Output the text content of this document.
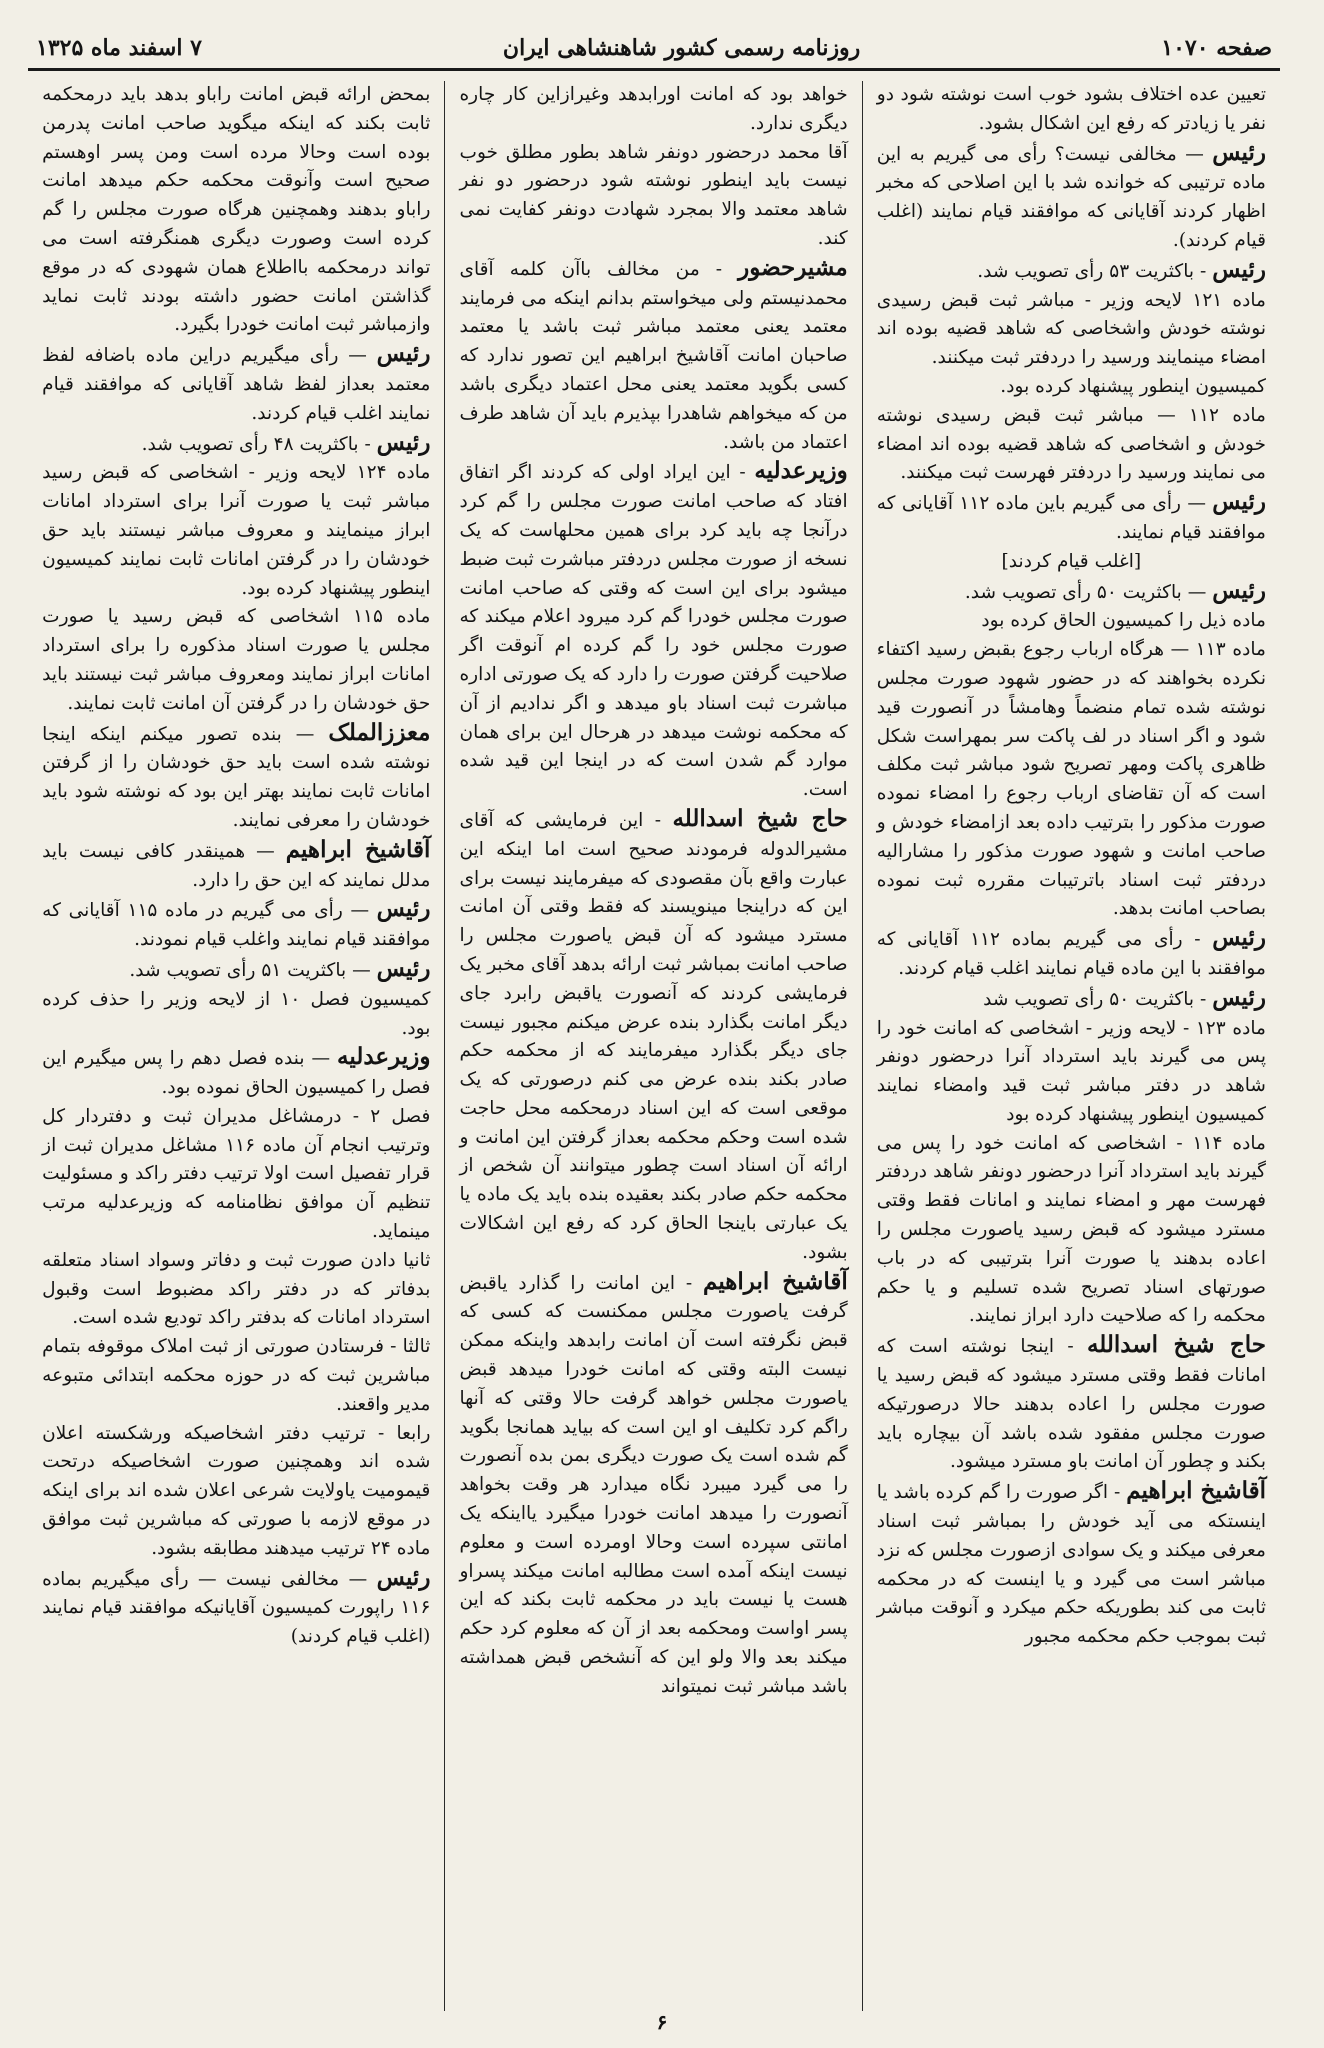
صفحه ۱۰۷۰
روزنامه رسمی کشور شاهنشاهی ایران
۷ اسفند ماه ۱۳۲۵

تعیین عده اختلاف بشود خوب است نوشته شود دو نفر یا زیادتر که رفع این اشکال بشود.

رئیس — مخالفی نیست؟ رأی می گیریم به این ماده ترتیبی که خوانده شد با این اصلاحی که مخبر اظهار کردند آقایانی که موافقند قیام نمایند (اغلب قیام کردند).

رئیس - باکثریت ۵۳ رأی تصویب شد.

ماده ۱۲۱ لایحه وزیر - مباشر ثبت قبض رسیدی نوشته خودش واشخاصی که شاهد قضیه بوده اند امضاء مینمایند ورسید را دردفتر ثبت میکنند.

کمیسیون اینطور پیشنهاد کرده بود.

ماده ۱۱۲ — مباشر ثبت قبض رسیدی نوشته خودش و اشخاصی که شاهد قضیه بوده اند امضاء می نمایند ورسید را دردفتر فهرست ثبت میکنند.

رئیس — رأی می گیریم باین ماده ۱۱۲ آقایانی که موافقند قیام نمایند.

[اغلب قیام کردند]

رئیس — باکثریت ۵۰ رأی تصویب شد.

ماده ذیل را کمیسیون الحاق کرده بود

ماده ۱۱۳ — هرگاه ارباب رجوع بقبض رسید اکتفاء نکرده بخواهند که در حضور شهود صورت مجلس نوشته شده تمام منضماً وهامشاً در آنصورت قید شود و اگر اسناد در لف پاکت سر بمهراست شکل ظاهری پاکت ومهر تصریح شود مباشر ثبت مکلف است که آن تقاضای ارباب رجوع را امضاء نموده صورت مذکور را بترتیب داده بعد ازامضاء خودش و صاحب امانت و شهود صورت مذکور را مشارالیه دردفتر ثبت اسناد باترتیبات مقرره ثبت نموده بصاحب امانت بدهد.

رئیس - رأی می گیریم بماده ۱۱۲ آقایانی که موافقند با این ماده قیام نمایند اغلب قیام کردند.

رئیس - باکثریت ۵۰ رأی تصویب شد

ماده ۱۲۳ - لایحه وزیر - اشخاصی که امانت خود را پس می گیرند باید استرداد آنرا درحضور دونفر شاهد در دفتر مباشر ثبت قید وامضاء نمایند کمیسیون اینطور پیشنهاد کرده بود

ماده ۱۱۴ - اشخاصی که امانت خود را پس می گیرند باید استرداد آنرا درحضور دونفر شاهد دردفتر فهرست مهر و امضاء نمایند و امانات فقط وقتی مسترد میشود که قبض رسید یاصورت مجلس را اعاده بدهند یا صورت آنرا بترتیبی که در باب صورتهای اسناد تصریح شده تسلیم و یا حکم محکمه را که صلاحیت دارد ابراز نمایند.

حاج شیخ اسدالله - اینجا نوشته است که امانات فقط وقتی مسترد میشود که قبض رسید یا صورت مجلس را اعاده بدهند حالا درصورتیکه صورت مجلس مفقود شده باشد آن بیچاره باید بکند و چطور آن امانت باو مسترد میشود.

آقاشیخ ابراهیم - اگر صورت را گم کرده باشد یا اینستکه می آید خودش را بمباشر ثبت اسناد معرفی میکند و یک سوادی ازصورت مجلس که نزد مباشر است می گیرد و یا اینست که در محکمه ثابت می کند بطوریکه حکم میکرد و آنوقت مباشر ثبت بموجب حکم محکمه مجبور

خواهد بود که امانت اورابدهد وغیرازاین کار چاره دیگری ندارد.

آقا محمد درحضور دونفر شاهد بطور مطلق خوب نیست باید اینطور نوشته شود درحضور دو نفر شاهد معتمد والا بمجرد شهادت دونفر کفایت نمی کند.

مشیرحضور - من مخالف باآن کلمه آقای محمدنیستم ولی میخواستم بدانم اینکه می فرمایند معتمد یعنی معتمد مباشر ثبت باشد یا معتمد صاحبان امانت آقاشیخ ابراهیم این تصور ندارد که کسی بگوید معتمد یعنی محل اعتماد دیگری باشد من که میخواهم شاهدرا بپذیرم باید آن شاهد طرف اعتماد من باشد.

وزیرعدلیه - این ایراد اولی که کردند اگر اتفاق افتاد که صاحب امانت صورت مجلس را گم کرد درآنجا چه باید کرد برای همین محلهاست که یک نسخه از صورت مجلس دردفتر مباشرت ثبت ضبط میشود برای این است که وقتی که صاحب امانت صورت مجلس خودرا گم کرد میرود اعلام میکند که صورت مجلس خود را گم کرده ام آنوقت اگر صلاحیت گرفتن صورت را دارد که یک صورتی اداره مباشرت ثبت اسناد باو میدهد و اگر ندادیم از آن که محکمه نوشت میدهد در هرحال این برای همان موارد گم شدن است که در اینجا این قید شده است.

حاج شیخ اسدالله - این فرمایشی که آقای مشیرالدوله فرمودند صحیح است اما اینکه این عبارت واقع بآن مقصودی که میفرمایند نیست برای این که دراینجا مینویسند که فقط وقتی آن امانت مسترد میشود که آن قبض یاصورت مجلس را صاحب امانت بمباشر ثبت ارائه بدهد آقای مخبر یک فرمایشی کردند که آنصورت یاقبض رابرد جای دیگر امانت بگذارد بنده عرض میکنم مجبور نیست جای دیگر بگذارد میفرمایند که از محکمه حکم صادر بکند بنده عرض می کنم درصورتی که یک موقعی است که این اسناد درمحکمه محل حاجت شده است وحکم محکمه بعداز گرفتن این امانت و ارائه آن اسناد است چطور میتوانند آن شخص از محکمه حکم صادر بکند بعقیده بنده باید یک ماده یا یک عبارتی باینجا الحاق کرد که رفع این اشکالات بشود.

آقاشیخ ابراهیم - این امانت را گذارد یاقبض گرفت یاصورت مجلس ممکنست که کسی که قبض نگرفته است آن امانت رابدهد واینکه ممکن نیست البته وقتی که امانت خودرا میدهد قبض یاصورت مجلس خواهد گرفت حالا وقتی که آنها راگم کرد تکلیف او این است که بیاید همانجا بگوید گم شده است یک صورت دیگری بمن بده آنصورت را می گیرد میبرد نگاه میدارد هر وقت بخواهد آنصورت را میدهد امانت خودرا میگیرد یااینکه یک امانتی سپرده است وحالا اومرده است و معلوم نیست اینکه آمده است مطالبه امانت میکند پسراو هست یا نیست باید در محکمه ثابت بکند که این پسر اواست ومحکمه بعد از آن که معلوم کرد حکم میکند بعد والا ولو این که آنشخص قبض همداشته باشد مباشر ثبت نمیتواند

بمحض ارائه قبض امانت راباو بدهد باید درمحکمه ثابت بکند که اینکه میگوید صاحب امانت پدرمن بوده است وحالا مرده است ومن پسر اوهستم صحیح است وآنوقت محکمه حکم میدهد امانت راباو بدهند وهمچنین هرگاه صورت مجلس را گم کرده است وصورت دیگری همنگرفته است می تواند درمحکمه بااطلاع همان شهودی که در موقع گذاشتن امانت حضور داشته بودند ثابت نماید وازمباشر ثبت امانت خودرا بگیرد.

رئیس — رأی میگیریم دراین ماده باضافه لفظ معتمد بعداز لفظ شاهد آقایانی که موافقند قیام نمایند اغلب قیام کردند.

رئیس - باکثریت ۴۸ رأی تصویب شد.

ماده ۱۲۴ لایحه وزیر - اشخاصی که قبض رسید مباشر ثبت یا صورت آنرا برای استرداد امانات ابراز مینمایند و معروف مباشر نیستند باید حق خودشان را در گرفتن امانات ثابت نمایند کمیسیون اینطور پیشنهاد کرده بود.

ماده ۱۱۵ اشخاصی که قبض رسید یا صورت مجلس یا صورت اسناد مذکوره را برای استرداد امانات ابراز نمایند ومعروف مباشر ثبت نیستند باید حق خودشان را در گرفتن آن امانت ثابت نمایند.

معززالملک — بنده تصور میکنم اینکه اینجا نوشته شده است باید حق خودشان را از گرفتن امانات ثابت نمایند بهتر این بود که نوشته شود باید خودشان را معرفی نمایند.

آقاشیخ ابراهیم — همینقدر کافی نیست باید مدلل نمایند که این حق را دارد.

رئیس — رأی می گیریم در ماده ۱۱۵ آقایانی که موافقند قیام نمایند واغلب قیام نمودند.

رئیس — باکثریت ۵۱ رأی تصویب شد.

کمیسیون فصل ۱۰ از لایحه وزیر را حذف کرده بود.

وزیرعدلیه — بنده فصل دهم را پس میگیرم این فصل را کمیسیون الحاق نموده بود.

فصل ۲ - درمشاغل مدیران ثبت و دفتردار کل وترتیب انجام آن ماده ۱۱۶ مشاغل مدیران ثبت از قرار تفصیل است اولا ترتیب دفتر راکد و مسئولیت تنظیم آن موافق نظامنامه که وزیرعدلیه مرتب مینماید.

ثانیا دادن صورت ثبت و دفاتر وسواد اسناد متعلقه بدفاتر که در دفتر راکد مضبوط است وقبول استرداد امانات که بدفتر راکد تودیع شده است.

ثالثا - فرستادن صورتی از ثبت املاک موقوفه بتمام مباشرین ثبت که در حوزه محکمه ابتدائی متبوعه مدیر واقعند.

رابعا - ترتیب دفتر اشخاصیکه ورشکسته اعلان شده اند وهمچنین صورت اشخاصیکه درتحت قیمومیت یاولایت شرعی اعلان شده اند برای اینکه در موقع لازمه با صورتی که مباشرین ثبت موافق ماده ۲۴ ترتیب میدهند مطابقه بشود.

رئیس — مخالفی نیست — رأی میگیریم بماده ۱۱۶ راپورت کمیسیون آقایانیکه موافقند قیام نمایند (اغلب قیام کردند)

۶
